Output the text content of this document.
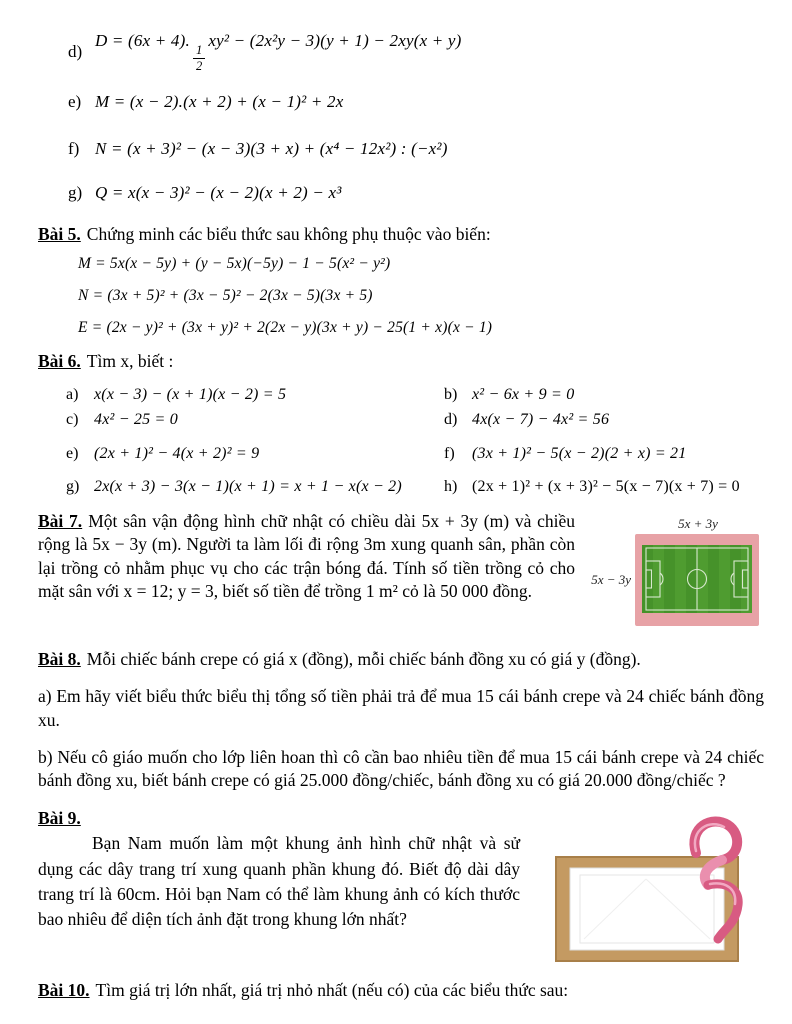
d)
D = (6x + 4).
$\frac{1}{2}$
xy² − (2x²y − 3)(y + 1) − 2xy(x + y)
e) M = (x − 2).(x + 2) + (x − 1)² + 2x
f) N = (x + 3)² − (x − 3)(3 + x) + (x⁴ − 12x²) : (−x²)
g) Q = x(x − 3)² − (x − 2)(x + 2) − x³

Bài 5. Chứng minh các biểu thức sau không phụ thuộc vào biến:

M = 5x(x − 5y) + (y − 5x)(−5y) − 1 − 5(x² − y²)
N = (3x + 5)² + (3x − 5)² − 2(3x − 5)(3x + 5)
E = (2x − y)² + (3x + y)² + 2(2x − y)(3x + y) − 25(1 + x)(x − 1)

Bài 6. Tìm x, biết :

a) x(x − 3) − (x + 1)(x − 2) = 5	b) x² − 6x + 9 = 0
c) 4x² − 25 = 0	d) 4x(x − 7) − 4x² = 56
e) (2x + 1)² − 4(x + 2)² = 9	f)	(3x + 1)² − 5(x − 2)(2 + x) = 21
g) 2x(x + 3) − 3(x − 1)(x + 1) = x + 1 − x(x − 2)	h) (2x + 1)² + (x + 3)² − 5(x − 7)(x + 7) = 0

Bài 7. Một sân vận động hình chữ nhật có chiều dài 5x + 3y (m) và chiều rộng là 5x − 3y (m). Người ta làm lối đi rộng 3m xung quanh sân, phần còn lại trồng cỏ nhằm phục vụ cho các trận bóng đá. Tính số tiền trồng cỏ cho mặt sân với x = 12; y = 3, biết số tiền để trồng 1 m² cỏ là 50 000 đồng.

5x + 3y
5x − 3y

Bài 8. Mỗi chiếc bánh crepe có giá x (đồng), mỗi chiếc bánh đồng xu có giá y (đồng).

a) Em hãy viết biểu thức biểu thị tổng số tiền phải trả để mua 15 cái bánh crepe và 24 chiếc bánh đồng xu.

b) Nếu cô giáo muốn cho lớp liên hoan thì cô cần bao nhiêu tiền để mua 15 cái bánh crepe và 24 chiếc bánh đồng xu, biết bánh crepe có giá 25.000 đồng/chiếc, bánh đồng xu có giá 20.000 đồng/chiếc ?

Bài 9.

Bạn Nam muốn làm một khung ảnh hình chữ nhật và sử dụng các dây trang trí xung quanh phần khung đó. Biết độ dài dây trang trí là 60cm. Hỏi bạn Nam có thể làm khung ảnh có kích thước bao nhiêu để diện tích ảnh đặt trong khung lớn nhất?

Bài 10. Tìm giá trị lớn nhất, giá trị nhỏ nhất (nếu có) của các biểu thức sau:
